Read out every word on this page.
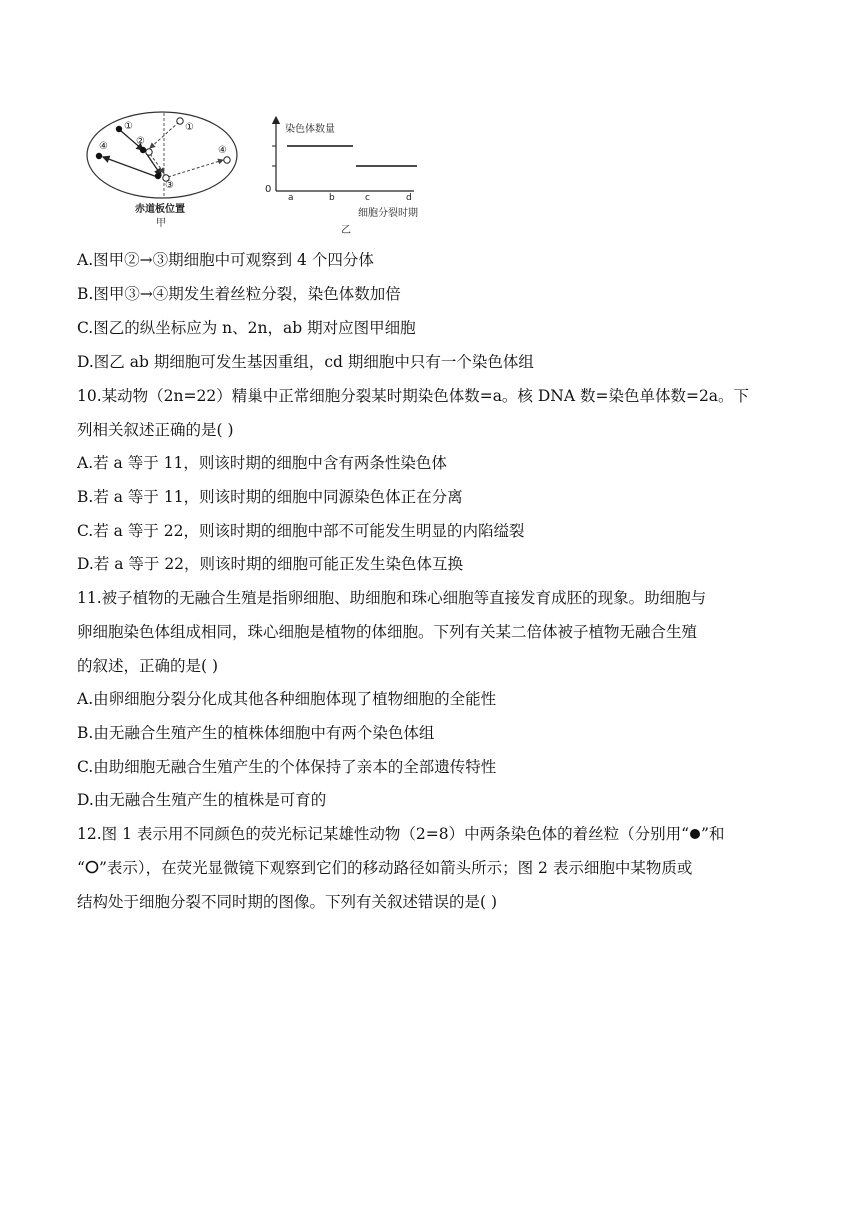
①
②
③
④
①
④
赤道板位置
甲
染色体数量
0
a	b	c	d
细胞分裂时期
乙
A.图甲②→③期细胞中可观察到 4 个四分体
B.图甲③→④期发生着丝粒分裂，染色体数加倍
C.图乙的纵坐标应为 n、2n，ab 期对应图甲细胞
D.图乙 ab 期细胞可发生基因重组，cd 期细胞中只有一个染色体组
10.某动物（2n=22）精巢中正常细胞分裂某时期染色体数=a。核 DNA 数=染色单体数=2a。下
列相关叙述正确的是( )
A.若 a 等于 11，则该时期的细胞中含有两条性染色体
B.若 a 等于 11，则该时期的细胞中同源染色体正在分离
C.若 a 等于 22，则该时期的细胞中部不可能发生明显的内陷缢裂
D.若 a 等于 22，则该时期的细胞可能正发生染色体互换
11.被子植物的无融合生殖是指卵细胞、助细胞和珠心细胞等直接发育成胚的现象。助细胞与
卵细胞染色体组成相同，珠心细胞是植物的体细胞。下列有关某二倍体被子植物无融合生殖
的叙述，正确的是( )
A.由卵细胞分裂分化成其他各种细胞体现了植物细胞的全能性
B.由无融合生殖产生的植株体细胞中有两个染色体组
C.由助细胞无融合生殖产生的个体保持了亲本的全部遗传特性
D.由无融合生殖产生的植株是可育的
12.图 1 表示用不同颜色的荧光标记某雄性动物（2=8）中两条染色体的着丝粒（分别用“ ”和
“ ”表示），在荧光显微镜下观察到它们的移动路径如箭头所示；图 2 表示细胞中某物质或
结构处于细胞分裂不同时期的图像。下列有关叙述错误的是( )
